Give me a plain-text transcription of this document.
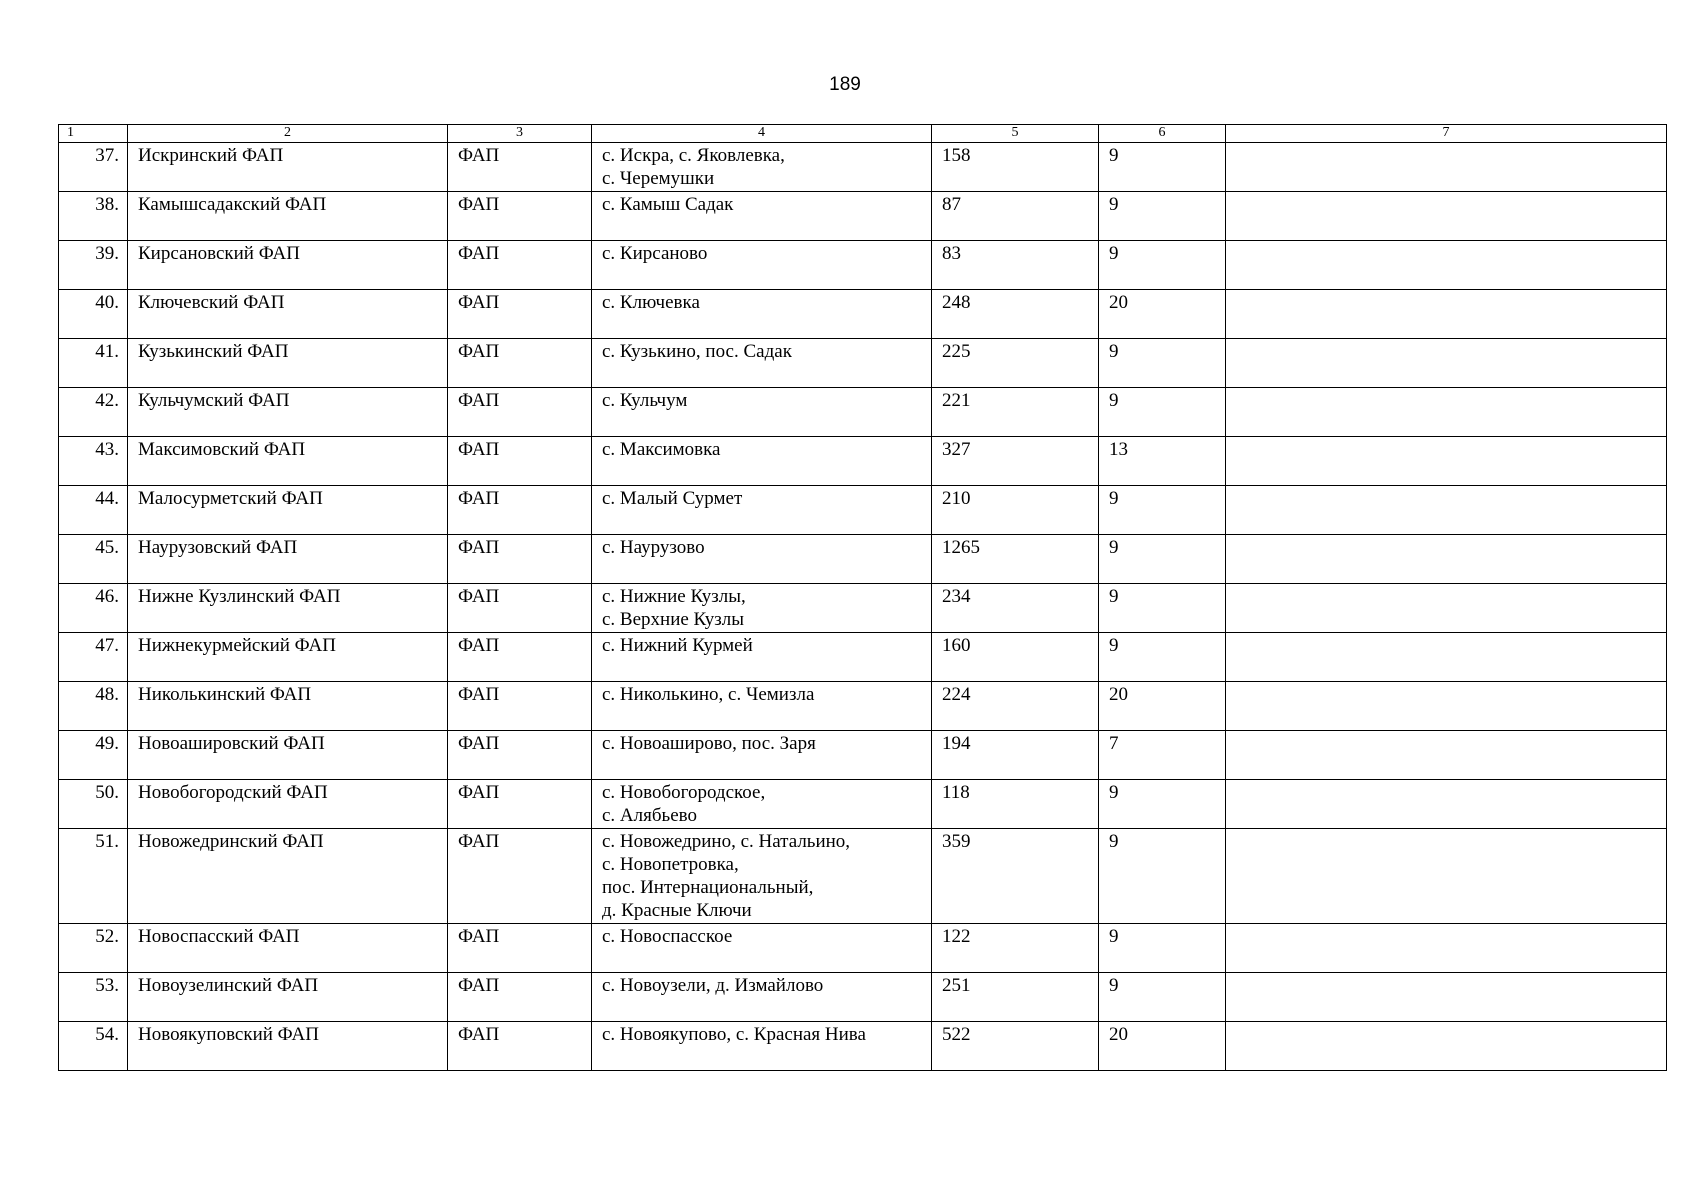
189
1	2	3	4	5	6	7
37.	Искринский ФАП	ФАП	с. Искра, с. Яковлевка,
с. Черемушки	158	9	
38.	Камышсадакский ФАП	ФАП	с. Камыш Садак	87	9	
39.	Кирсановский ФАП	ФАП	с. Кирсаново	83	9	
40.	Ключевский ФАП	ФАП	с. Ключевка	248	20	
41.	Кузькинский ФАП	ФАП	с. Кузькино, пос. Садак	225	9	
42.	Кульчумский ФАП	ФАП	с. Кульчум	221	9	
43.	Максимовский ФАП	ФАП	с. Максимовка	327	13	
44.	Малосурметский ФАП	ФАП	с. Малый Сурмет	210	9	
45.	Наурузовский ФАП	ФАП	с. Наурузово	1265	9	
46.	Нижне Кузлинский ФАП	ФАП	с. Нижние Кузлы,
с. Верхние Кузлы	234	9	
47.	Нижнекурмейский ФАП	ФАП	с. Нижний Курмей	160	9	
48.	Николькинский ФАП	ФАП	с. Николькино, с. Чемизла	224	20	
49.	Новоашировский ФАП	ФАП	с. Новоаширово, пос. Заря	194	7	
50.	Новобогородский ФАП	ФАП	с. Новобогородское,
с. Алябьево	118	9	
51.	Новожедринский ФАП	ФАП	с. Новожедрино, с. Натальино,
с. Новопетровка,
пос. Интернациональный,
д. Красные Ключи	359	9	
52.	Новоспасский ФАП	ФАП	с. Новоспасское	122	9	
53.	Новоузелинский ФАП	ФАП	с. Новоузели, д. Измайлово	251	9	
54.	Новоякуповский ФАП	ФАП	с. Новоякупово, с. Красная Нива	522	20	
